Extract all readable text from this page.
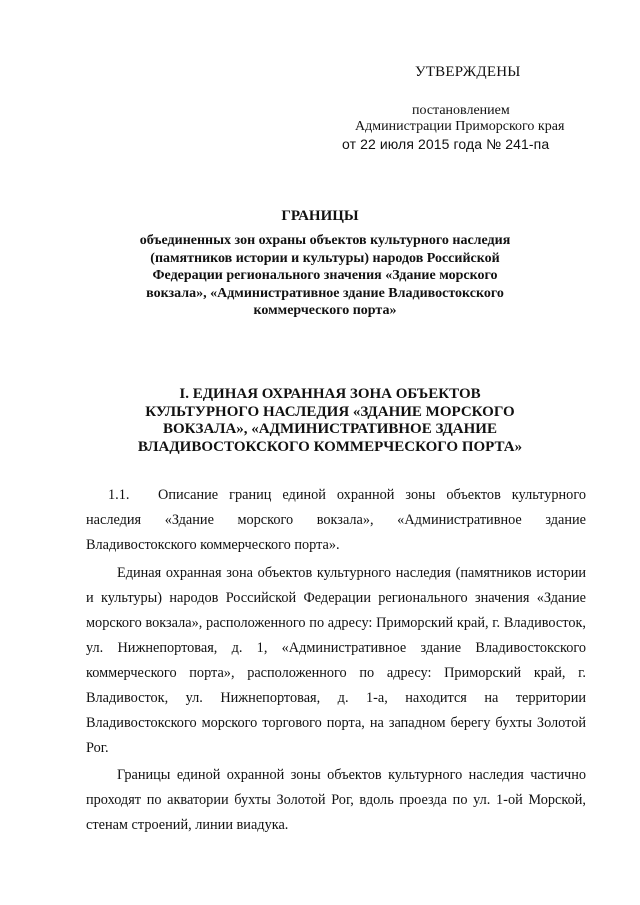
УТВЕРЖДЕНЫ
постановлением
Администрации Приморского края
от 22 июля 2015 года № 241-па
ГРАНИЦЫ
объединенных зон охраны объектов культурного наследия
(памятников истории и культуры) народов Российской
Федерации регионального значения «Здание морского
вокзала», «Административное здание Владивостокского
коммерческого порта»
I. ЕДИНАЯ ОХРАННАЯ ЗОНА ОБЪЕКТОВ
КУЛЬТУРНОГО НАСЛЕДИЯ «ЗДАНИЕ МОРСКОГО
ВОКЗАЛА», «АДМИНИСТРАТИВНОЕ ЗДАНИЕ
ВЛАДИВОСТОКСКОГО КОММЕРЧЕСКОГО ПОРТА»
1.1. Описание границ единой охранной зоны объектов культурного наследия «Здание морского вокзала», «Административное здание Владивостокского коммерческого порта».
Единая охранная зона объектов культурного наследия (памятников истории и культуры) народов Российской Федерации регионального значения «Здание морского вокзала», расположенного по адресу: Приморский край, г. Владивосток, ул. Нижнепортовая, д. 1, «Административное здание Владивостокского коммерческого порта», расположенного по адресу: Приморский край, г. Владивосток, ул. Нижнепортовая, д. 1-а, находится на территории Владивостокского морского торгового порта, на западном берегу бухты Золотой Рог.
Границы единой охранной зоны объектов культурного наследия частично проходят по акватории бухты Золотой Рог, вдоль проезда по ул. 1-ой Морской, стенам строений, линии виадука.
